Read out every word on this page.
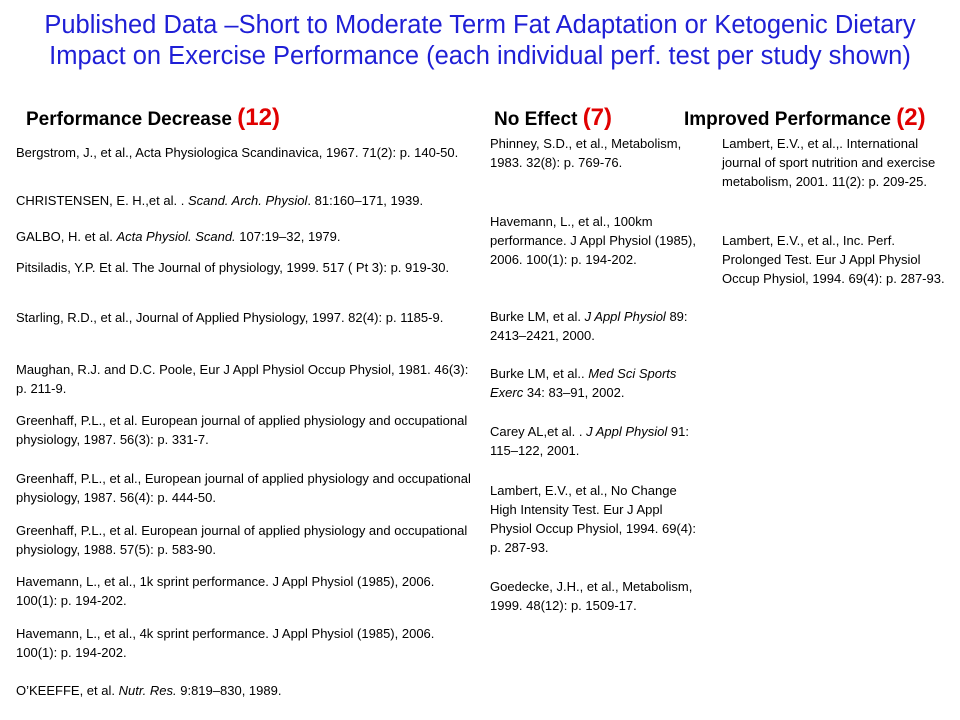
Published Data –Short to Moderate Term Fat Adaptation or Ketogenic Dietary
Impact on Exercise Performance (each individual perf. test per study shown)
Performance Decrease (12)	No Effect (7)	Improved Performance (2)
Bergstrom, J., et al., Acta Physiologica Scandinavica, 1967. 71(2): p. 140-50.
CHRISTENSEN, E. H.,et al. . Scand. Arch. Physiol. 81:160–171, 1939.
GALBO, H. et al. Acta Physiol. Scand. 107:19–32, 1979.
Pitsiladis, Y.P. Et al. The Journal of physiology, 1999. 517 ( Pt 3): p. 919-30.
Starling, R.D., et al., Journal of Applied Physiology, 1997. 82(4): p. 1185-9.
Maughan, R.J. and D.C. Poole, Eur J Appl Physiol Occup Physiol, 1981. 46(3): p. 211-9.
Greenhaff, P.L., et al. European journal of applied physiology and occupational physiology, 1987. 56(3): p. 331-7.
Greenhaff, P.L., et al., European journal of applied physiology and occupational physiology, 1987. 56(4): p. 444-50.
Greenhaff, P.L., et al. European journal of applied physiology and occupational physiology, 1988. 57(5): p. 583-90.
Havemann, L., et al., 1k sprint performance. J Appl Physiol (1985), 2006. 100(1): p. 194-202.
Havemann, L., et al., 4k sprint performance. J Appl Physiol (1985), 2006. 100(1): p. 194-202.
O’KEEFFE, et al. Nutr. Res. 9:819–830, 1989.
Phinney, S.D., et al., Metabolism, 1983. 32(8): p. 769-76.
Havemann, L., et al., 100km performance. J Appl Physiol (1985), 2006. 100(1): p. 194-202.
Burke LM, et al. J Appl Physiol 89: 2413–2421, 2000.
Burke LM, et al.. Med Sci Sports Exerc 34: 83–91, 2002.
Carey AL,et al. . J Appl Physiol 91: 115–122, 2001.
Lambert, E.V., et al., No Change High Intensity Test. Eur J Appl Physiol Occup Physiol, 1994. 69(4): p. 287-93.
Goedecke, J.H., et al., Metabolism, 1999. 48(12): p. 1509-17.
Lambert, E.V., et al.,. International journal of sport nutrition and exercise metabolism, 2001. 11(2): p. 209-25.
Lambert, E.V., et al., Inc. Perf. Prolonged Test. Eur J Appl Physiol Occup Physiol, 1994. 69(4): p. 287-93.
